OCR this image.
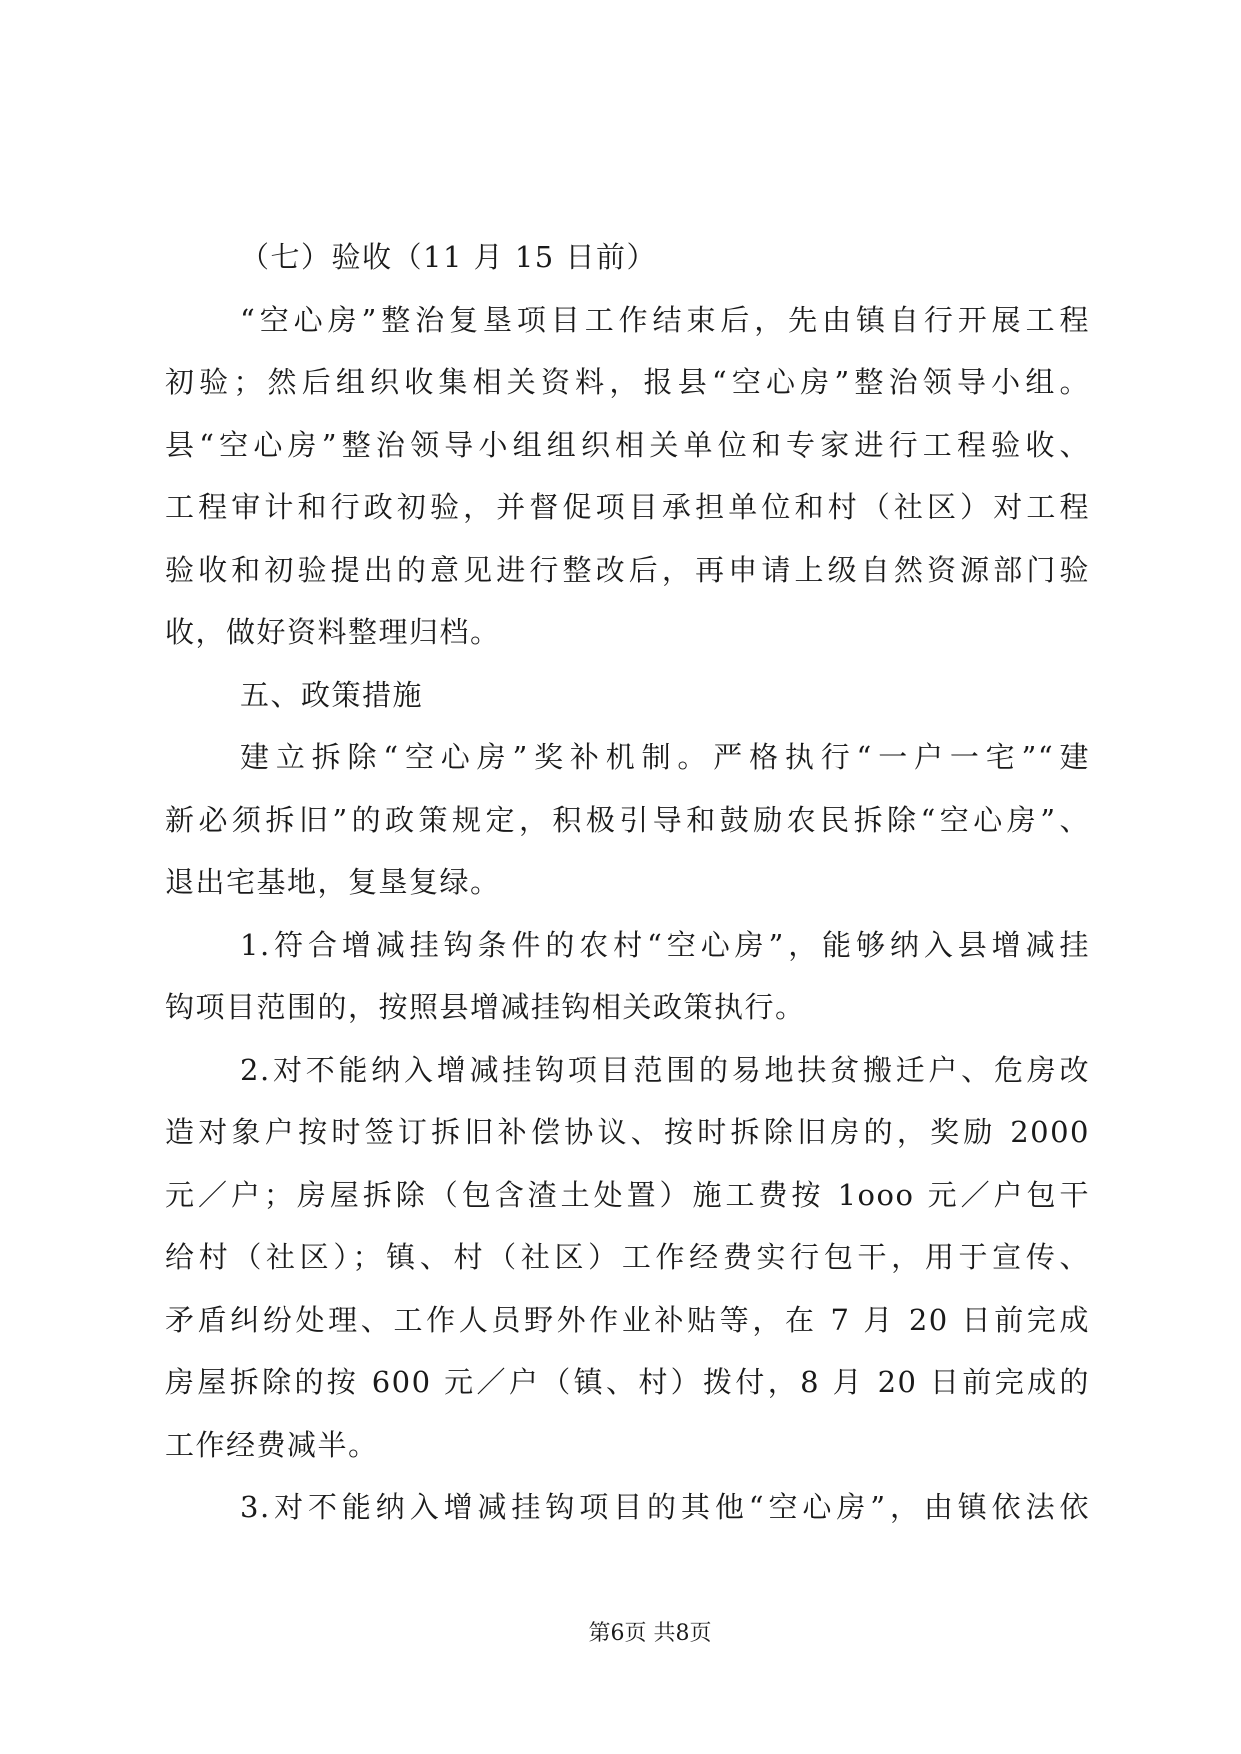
（七）验收（11 月 15 日前）
“空心房”整治复垦项目工作结束后，先由镇自行开展工程
初验；然后组织收集相关资料，报县“空心房”整治领导小组。
县“空心房”整治领导小组组织相关单位和专家进行工程验收、
工程审计和行政初验，并督促项目承担单位和村（社区）对工程
验收和初验提出的意见进行整改后，再申请上级自然资源部门验
收，做好资料整理归档。
五、政策措施
建立拆除“空心房”奖补机制。严格执行“一户一宅”“建
新必须拆旧”的政策规定，积极引导和鼓励农民拆除“空心房”、
退出宅基地，复垦复绿。
1.符合增减挂钩条件的农村“空心房”，能够纳入县增减挂
钩项目范围的，按照县增减挂钩相关政策执行。
2.对不能纳入增减挂钩项目范围的易地扶贫搬迁户、危房改
造对象户按时签订拆旧补偿协议、按时拆除旧房的，奖励 2000
元／户；房屋拆除（包含渣土处置）施工费按 1ooo 元／户包干
给村（社区）；镇、村（社区）工作经费实行包干，用于宣传、
矛盾纠纷处理、工作人员野外作业补贴等，在 7 月 20 日前完成
房屋拆除的按 600 元／户（镇、村）拨付，8 月 20 日前完成的
工作经费减半。
3.对不能纳入增减挂钩项目的其他“空心房”，由镇依法依
第6页 共8页
